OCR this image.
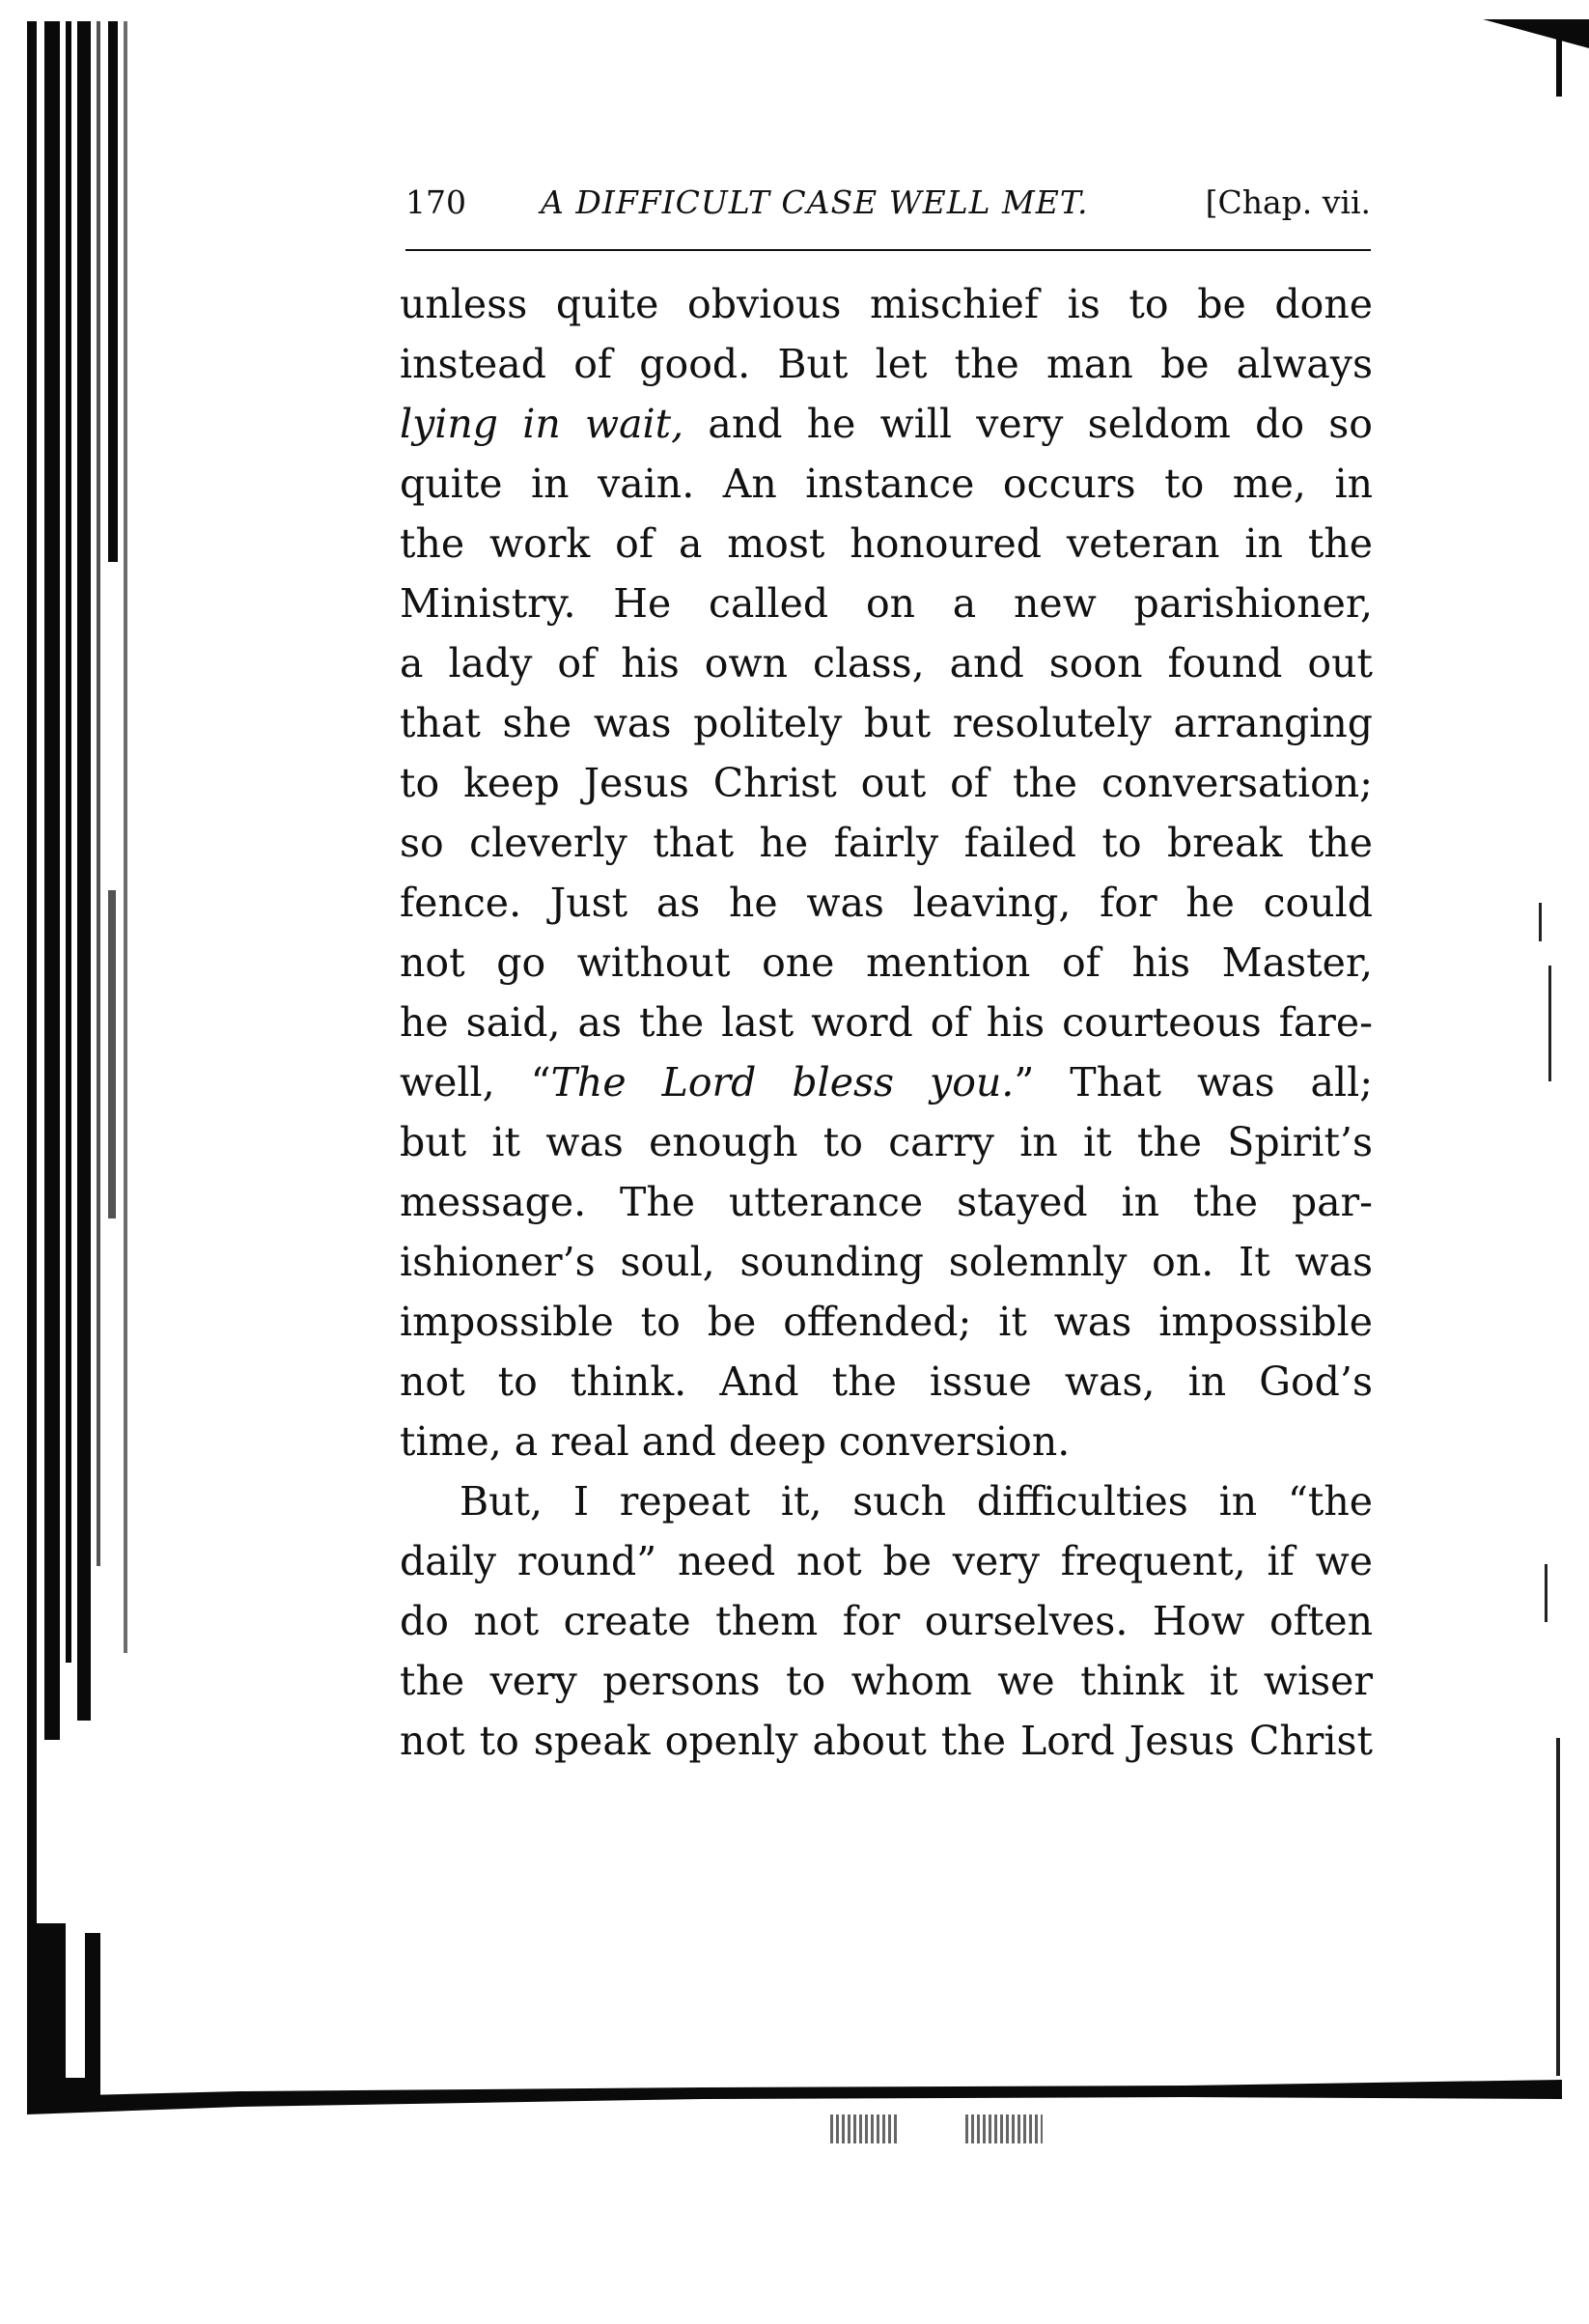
170 A DIFFICULT CASE WELL MET.	[Chap. vii.
unless quite obvious mischief is to be done
instead of good. But let the man be always
lying in wait, and he will very seldom do so
quite in vain. An instance occurs to me, in
the work of a most honoured veteran in the
Ministry. He called on a new parishioner,
a lady of his own class, and soon found out
that she was politely but resolutely arranging
to keep Jesus Christ out of the conversation;
so cleverly that he fairly failed to break the
fence. Just as he was leaving, for he could
not go without one mention of his Master,
he said, as the last word of his courteous fare-
well, “The Lord bless you.” That was all;
but it was enough to carry in it the Spirit’s
message. The utterance stayed in the par-
ishioner’s soul, sounding solemnly on. It was
impossible to be offended; it was impossible
not to think. And the issue was, in God’s
time, a real and deep conversion.
But, I repeat it, such difficulties in “the
daily round” need not be very frequent, if we
do not create them for ourselves. How often
the very persons to whom we think it wiser
not to speak openly about the Lord Jesus Christ
